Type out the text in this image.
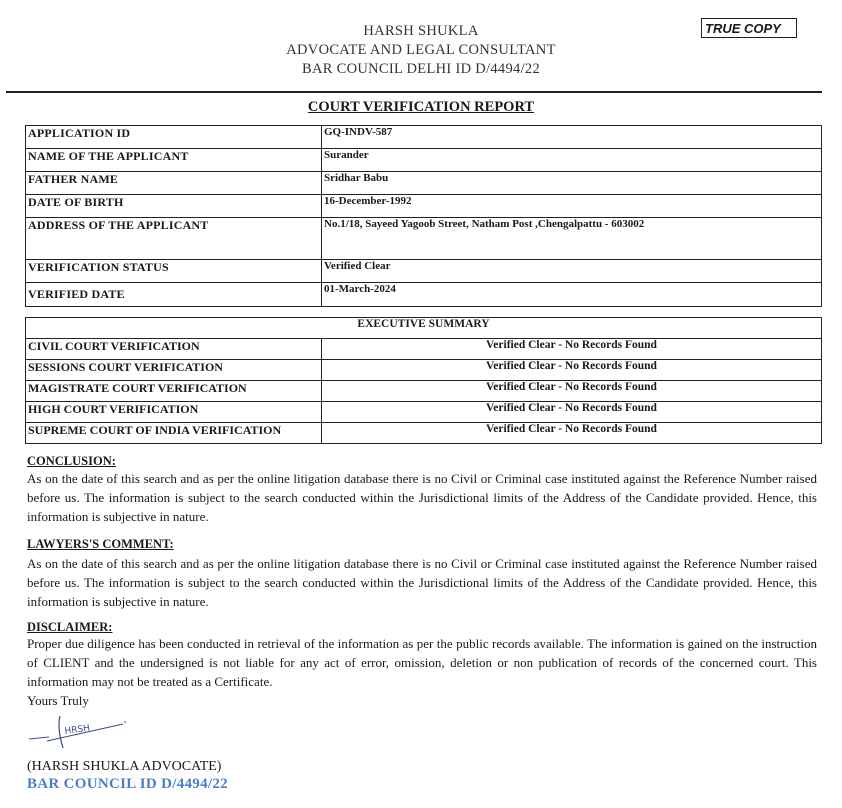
HARSH SHUKLA
ADVOCATE AND LEGAL CONSULTANT
BAR COUNCIL DELHI ID D/4494/22
TRUE COPY
COURT VERIFICATION REPORT
APPLICATION ID	GQ-INDV-587
NAME OF THE APPLICANT	Surander
FATHER NAME	Sridhar Babu
DATE OF BIRTH	16-December-1992
ADDRESS OF THE APPLICANT	No.1/18, Sayeed Yagoob Street, Natham Post ,Chengalpattu - 603002
VERIFICATION STATUS	Verified Clear
VERIFIED DATE	01-March-2024
EXECUTIVE SUMMARY	
CIVIL COURT VERIFICATION	Verified Clear - No Records Found
SESSIONS COURT VERIFICATION	Verified Clear - No Records Found
MAGISTRATE COURT VERIFICATION	Verified Clear - No Records Found
HIGH COURT VERIFICATION	Verified Clear - No Records Found
SUPREME COURT OF INDIA VERIFICATION	Verified Clear - No Records Found
CONCLUSION:
As on the date of this search and as per the online litigation database there is no Civil or Criminal case instituted against the Reference Number raised before us. The information is subject to the search conducted within the Jurisdictional limits of the Address of the Candidate provided. Hence, this information is subjective in nature.
LAWYERS'S COMMENT:
As on the date of this search and as per the online litigation database there is no Civil or Criminal case instituted against the Reference Number raised before us. The information is subject to the search conducted within the Jurisdictional limits of the Address of the Candidate provided. Hence, this information is subjective in nature.
DISCLAIMER:
Proper due diligence has been conducted in retrieval of the information as per the public records available. The information is gained on the instruction of CLIENT and the undersigned is not liable for any act of error, omission, deletion or non publication of records of the concerned court. This information may not be treated as a Certificate.
Yours Truly
HRSH
(HARSH SHUKLA ADVOCATE)
BAR COUNCIL ID D/4494/22
